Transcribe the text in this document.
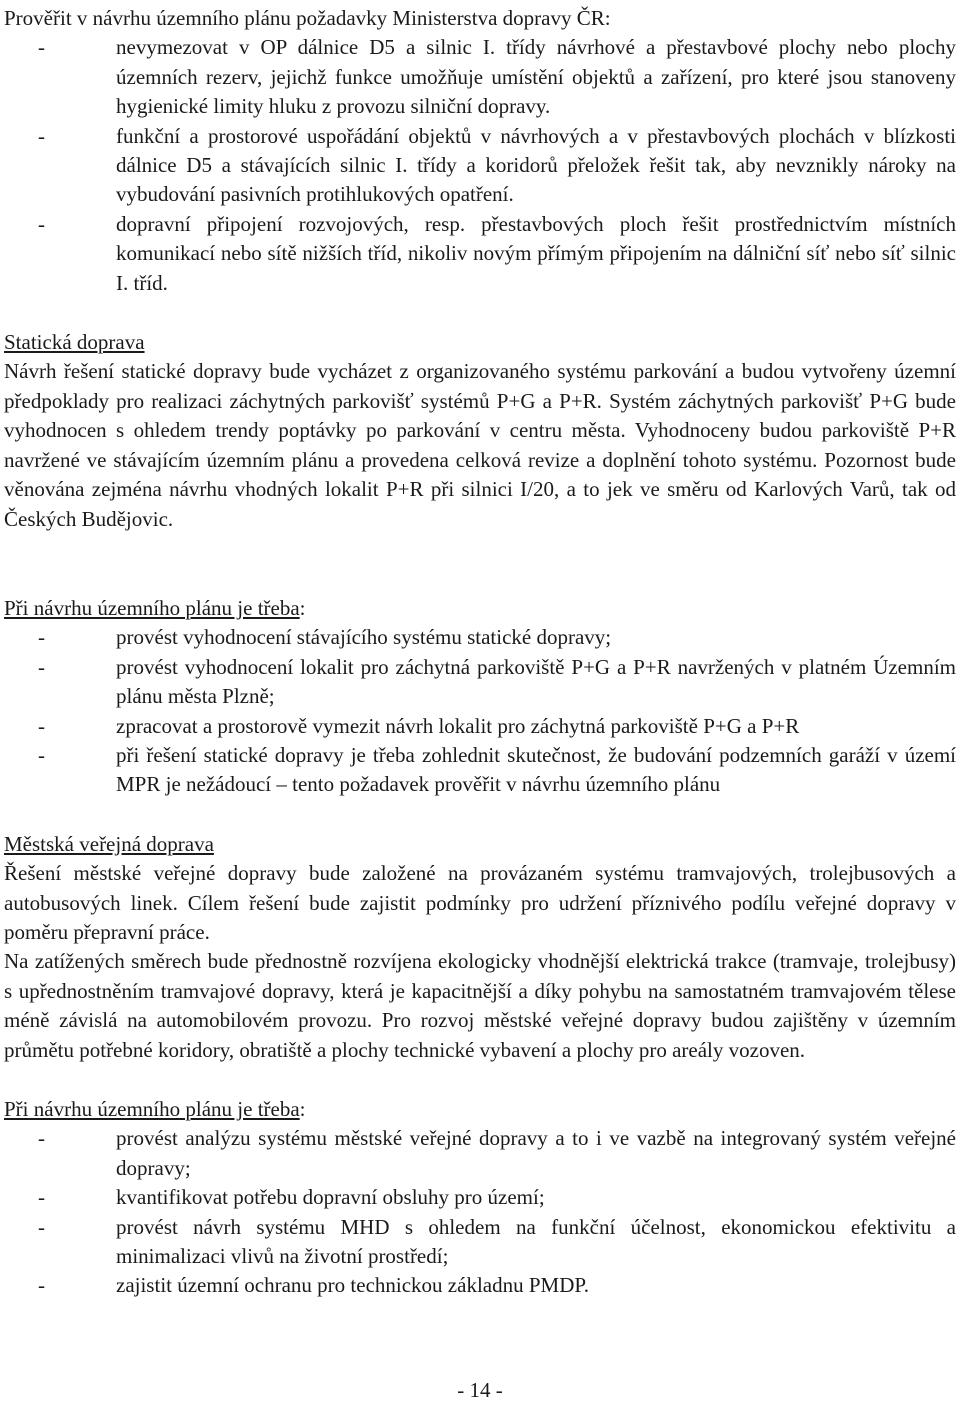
Prověřit v návrhu územního plánu požadavky Ministerstva dopravy ČR:

-	nevymezovat v OP dálnice D5 a silnic I. třídy návrhové a přestavbové plochy nebo plochy územních rezerv, jejichž funkce umožňuje umístění objektů a zařízení, pro které jsou stanoveny hygienické limity hluku z provozu silniční dopravy.
-	funkční a prostorové uspořádání objektů v návrhových a v přestavbových plochách v blízkosti dálnice D5 a stávajících silnic I. třídy a koridorů přeložek řešit tak, aby nevznikly nároky na vybudování pasivních protihlukových opatření.
-	dopravní připojení rozvojových, resp. přestavbových ploch řešit prostřednictvím místních komunikací nebo sítě nižších tříd, nikoliv novým přímým připojením na dálniční síť nebo síť silnic I. tříd.

Statická doprava

Návrh řešení statické dopravy bude vycházet z organizovaného systému parkování a budou vytvořeny územní předpoklady pro realizaci záchytných parkovišť systémů P+G a P+R. Systém záchytných parkovišť P+G bude vyhodnocen s ohledem trendy poptávky po parkování v centru města. Vyhodnoceny budou parkoviště P+R navržené ve stávajícím územním plánu a provedena celková revize a doplnění tohoto systému. Pozornost bude věnována zejména návrhu vhodných lokalit P+R při silnici I/20, a to jek ve směru od Karlových Varů, tak od Českých Budějovic.

Při návrhu územního plánu je třeba:

-	provést vyhodnocení stávajícího systému statické dopravy;
-	provést vyhodnocení lokalit pro záchytná parkoviště P+G a P+R navržených v platném Územním plánu města Plzně;
-	zpracovat a prostorově vymezit návrh lokalit pro záchytná parkoviště P+G a P+R
-	při řešení statické dopravy je třeba zohlednit skutečnost, že budování podzemních garáží v území MPR je nežádoucí – tento požadavek prověřit v návrhu územního plánu

Městská veřejná doprava

Řešení městské veřejné dopravy bude založené na provázaném systému tramvajových, trolejbusových a autobusových linek. Cílem řešení bude zajistit podmínky pro udržení příznivého podílu veřejné dopravy v poměru přepravní práce.

Na zatížených směrech bude přednostně rozvíjena ekologicky vhodnější elektrická trakce (tramvaje, trolejbusy) s upřednostněním tramvajové dopravy, která je kapacitnější a díky pohybu na samostatném tramvajovém tělese méně závislá na automobilovém provozu. Pro rozvoj městské veřejné dopravy budou zajištěny v územním průmětu potřebné koridory, obratiště a plochy technické vybavení a plochy pro areály vozoven.

Při návrhu územního plánu je třeba:

-	provést analýzu systému městské veřejné dopravy a to i ve vazbě na integrovaný systém veřejné dopravy;
-	kvantifikovat potřebu dopravní obsluhy pro území;
-	provést návrh systému MHD s ohledem na funkční účelnost, ekonomickou efektivitu a minimalizaci vlivů na životní prostředí;
-	zajistit územní ochranu pro technickou základnu PMDP.
- 14 -
